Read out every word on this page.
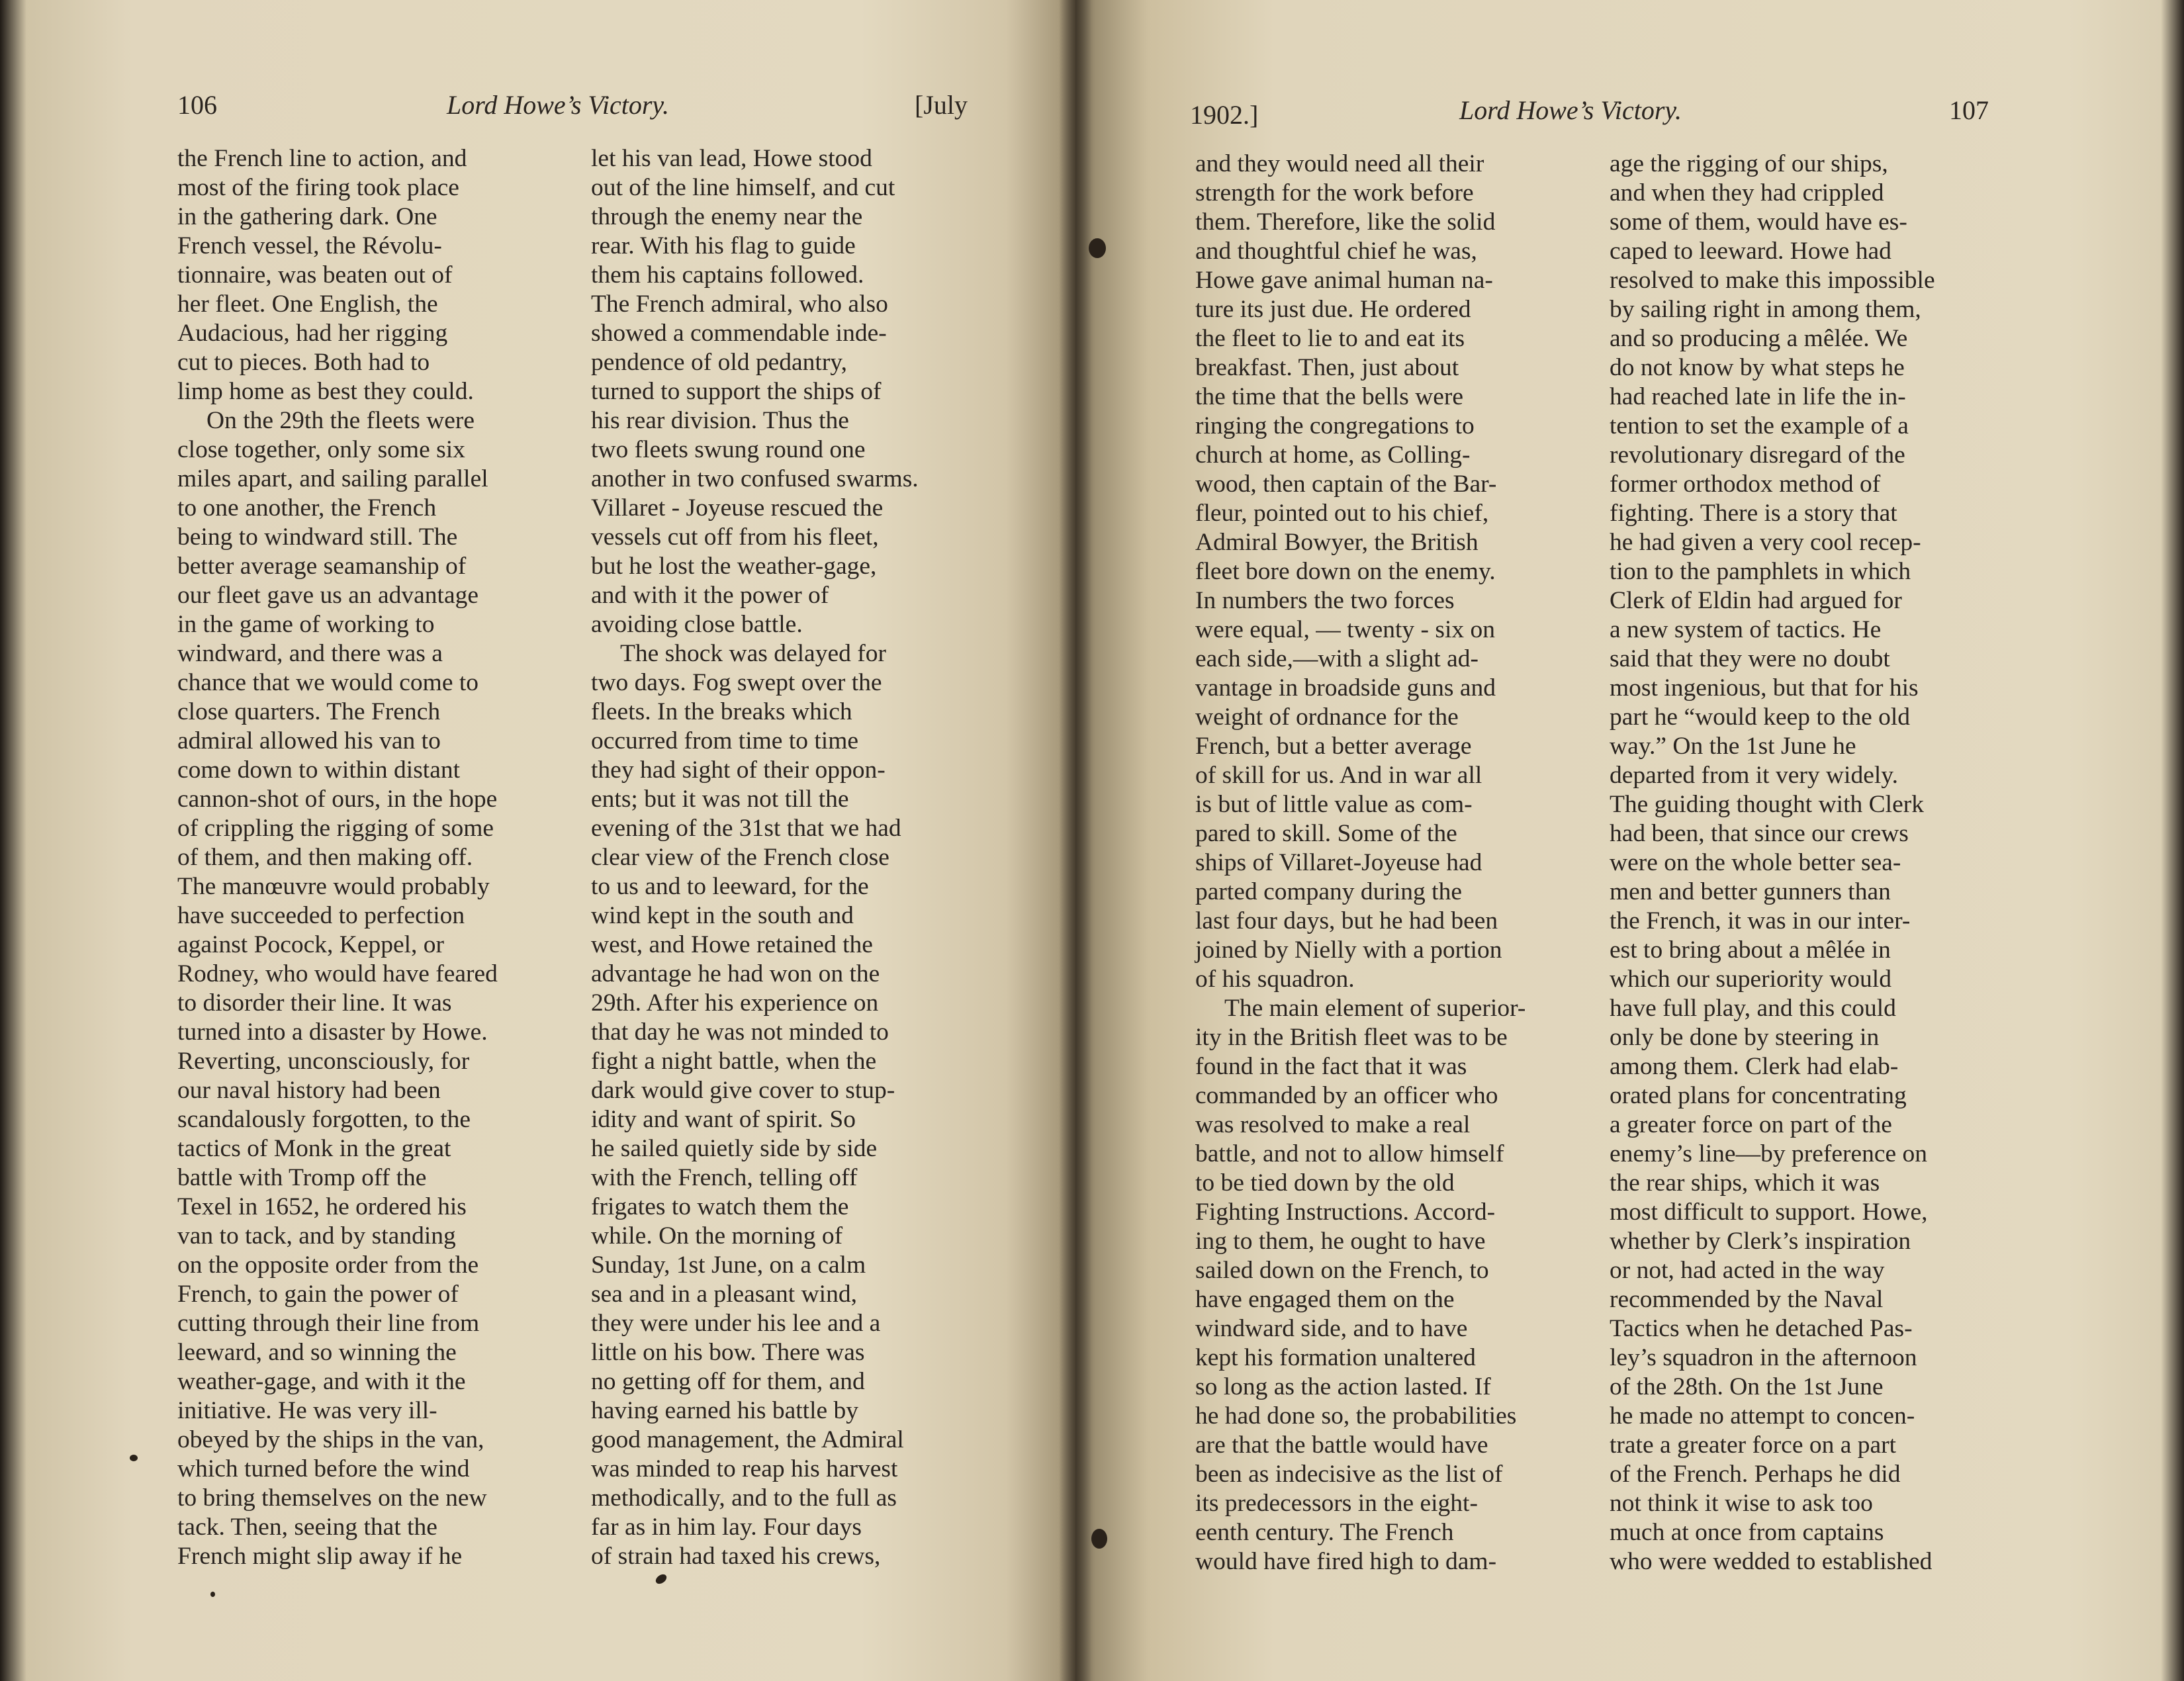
106	Lord Howe’s Victory.	[July

the French line to action, and
most of the firing took place
in the gathering dark. One
French vessel, the Révolu-
tionnaire, was beaten out of
her fleet. One English, the
Audacious, had her rigging
cut to pieces. Both had to
limp home as best they could.

On the 29th the fleets were
close together, only some six
miles apart, and sailing parallel
to one another, the French
being to windward still. The
better average seamanship of
our fleet gave us an advantage
in the game of working to
windward, and there was a
chance that we would come to
close quarters. The French
admiral allowed his van to
come down to within distant
cannon-shot of ours, in the hope
of crippling the rigging of some
of them, and then making off.
The manœuvre would probably
have succeeded to perfection
against Pocock, Keppel, or
Rodney, who would have feared
to disorder their line. It was
turned into a disaster by Howe.
Reverting, unconsciously, for
our naval history had been
scandalously forgotten, to the
tactics of Monk in the great
battle with Tromp off the
Texel in 1652, he ordered his
van to tack, and by standing
on the opposite order from the
French, to gain the power of
cutting through their line from
leeward, and so winning the
weather-gage, and with it the
initiative. He was very ill-
obeyed by the ships in the van,
which turned before the wind
to bring themselves on the new
tack. Then, seeing that the
French might slip away if he

let his van lead, Howe stood
out of the line himself, and cut
through the enemy near the
rear. With his flag to guide
them his captains followed.
The French admiral, who also
showed a commendable inde-
pendence of old pedantry,
turned to support the ships of
his rear division. Thus the
two fleets swung round one
another in two confused swarms.
Villaret - Joyeuse rescued the
vessels cut off from his fleet,
but he lost the weather-gage,
and with it the power of
avoiding close battle.

The shock was delayed for
two days. Fog swept over the
fleets. In the breaks which
occurred from time to time
they had sight of their oppon-
ents; but it was not till the
evening of the 31st that we had
clear view of the French close
to us and to leeward, for the
wind kept in the south and
west, and Howe retained the
advantage he had won on the
29th. After his experience on
that day he was not minded to
fight a night battle, when the
dark would give cover to stup-
idity and want of spirit. So
he sailed quietly side by side
with the French, telling off
frigates to watch them the
while. On the morning of
Sunday, 1st June, on a calm
sea and in a pleasant wind,
they were under his lee and a
little on his bow. There was
no getting off for them, and
having earned his battle by
good management, the Admiral
was minded to reap his harvest
methodically, and to the full as
far as in him lay. Four days
of strain had taxed his crews,

1902.]	Lord Howe’s Victory.	107

and they would need all their
strength for the work before
them. Therefore, like the solid
and thoughtful chief he was,
Howe gave animal human na-
ture its just due. He ordered
the fleet to lie to and eat its
breakfast. Then, just about
the time that the bells were
ringing the congregations to
church at home, as Colling-
wood, then captain of the Bar-
fleur, pointed out to his chief,
Admiral Bowyer, the British
fleet bore down on the enemy.
In numbers the two forces
were equal, — twenty - six on
each side,—with a slight ad-
vantage in broadside guns and
weight of ordnance for the
French, but a better average
of skill for us. And in war all
is but of little value as com-
pared to skill. Some of the
ships of Villaret-Joyeuse had
parted company during the
last four days, but he had been
joined by Nielly with a portion
of his squadron.

The main element of superior-
ity in the British fleet was to be
found in the fact that it was
commanded by an officer who
was resolved to make a real
battle, and not to allow himself
to be tied down by the old
Fighting Instructions. Accord-
ing to them, he ought to have
sailed down on the French, to
have engaged them on the
windward side, and to have
kept his formation unaltered
so long as the action lasted. If
he had done so, the probabilities
are that the battle would have
been as indecisive as the list of
its predecessors in the eight-
eenth century. The French
would have fired high to dam-

age the rigging of our ships,
and when they had crippled
some of them, would have es-
caped to leeward. Howe had
resolved to make this impossible
by sailing right in among them,
and so producing a mêlée. We
do not know by what steps he
had reached late in life the in-
tention to set the example of a
revolutionary disregard of the
former orthodox method of
fighting. There is a story that
he had given a very cool recep-
tion to the pamphlets in which
Clerk of Eldin had argued for
a new system of tactics. He
said that they were no doubt
most ingenious, but that for his
part he “would keep to the old
way.” On the 1st June he
departed from it very widely.
The guiding thought with Clerk
had been, that since our crews
were on the whole better sea-
men and better gunners than
the French, it was in our inter-
est to bring about a mêlée in
which our superiority would
have full play, and this could
only be done by steering in
among them. Clerk had elab-
orated plans for concentrating
a greater force on part of the
enemy’s line—by preference on
the rear ships, which it was
most difficult to support. Howe,
whether by Clerk’s inspiration
or not, had acted in the way
recommended by the Naval
Tactics when he detached Pas-
ley’s squadron in the afternoon
of the 28th. On the 1st June
he made no attempt to concen-
trate a greater force on a part
of the French. Perhaps he did
not think it wise to ask too
much at once from captains
who were wedded to established
